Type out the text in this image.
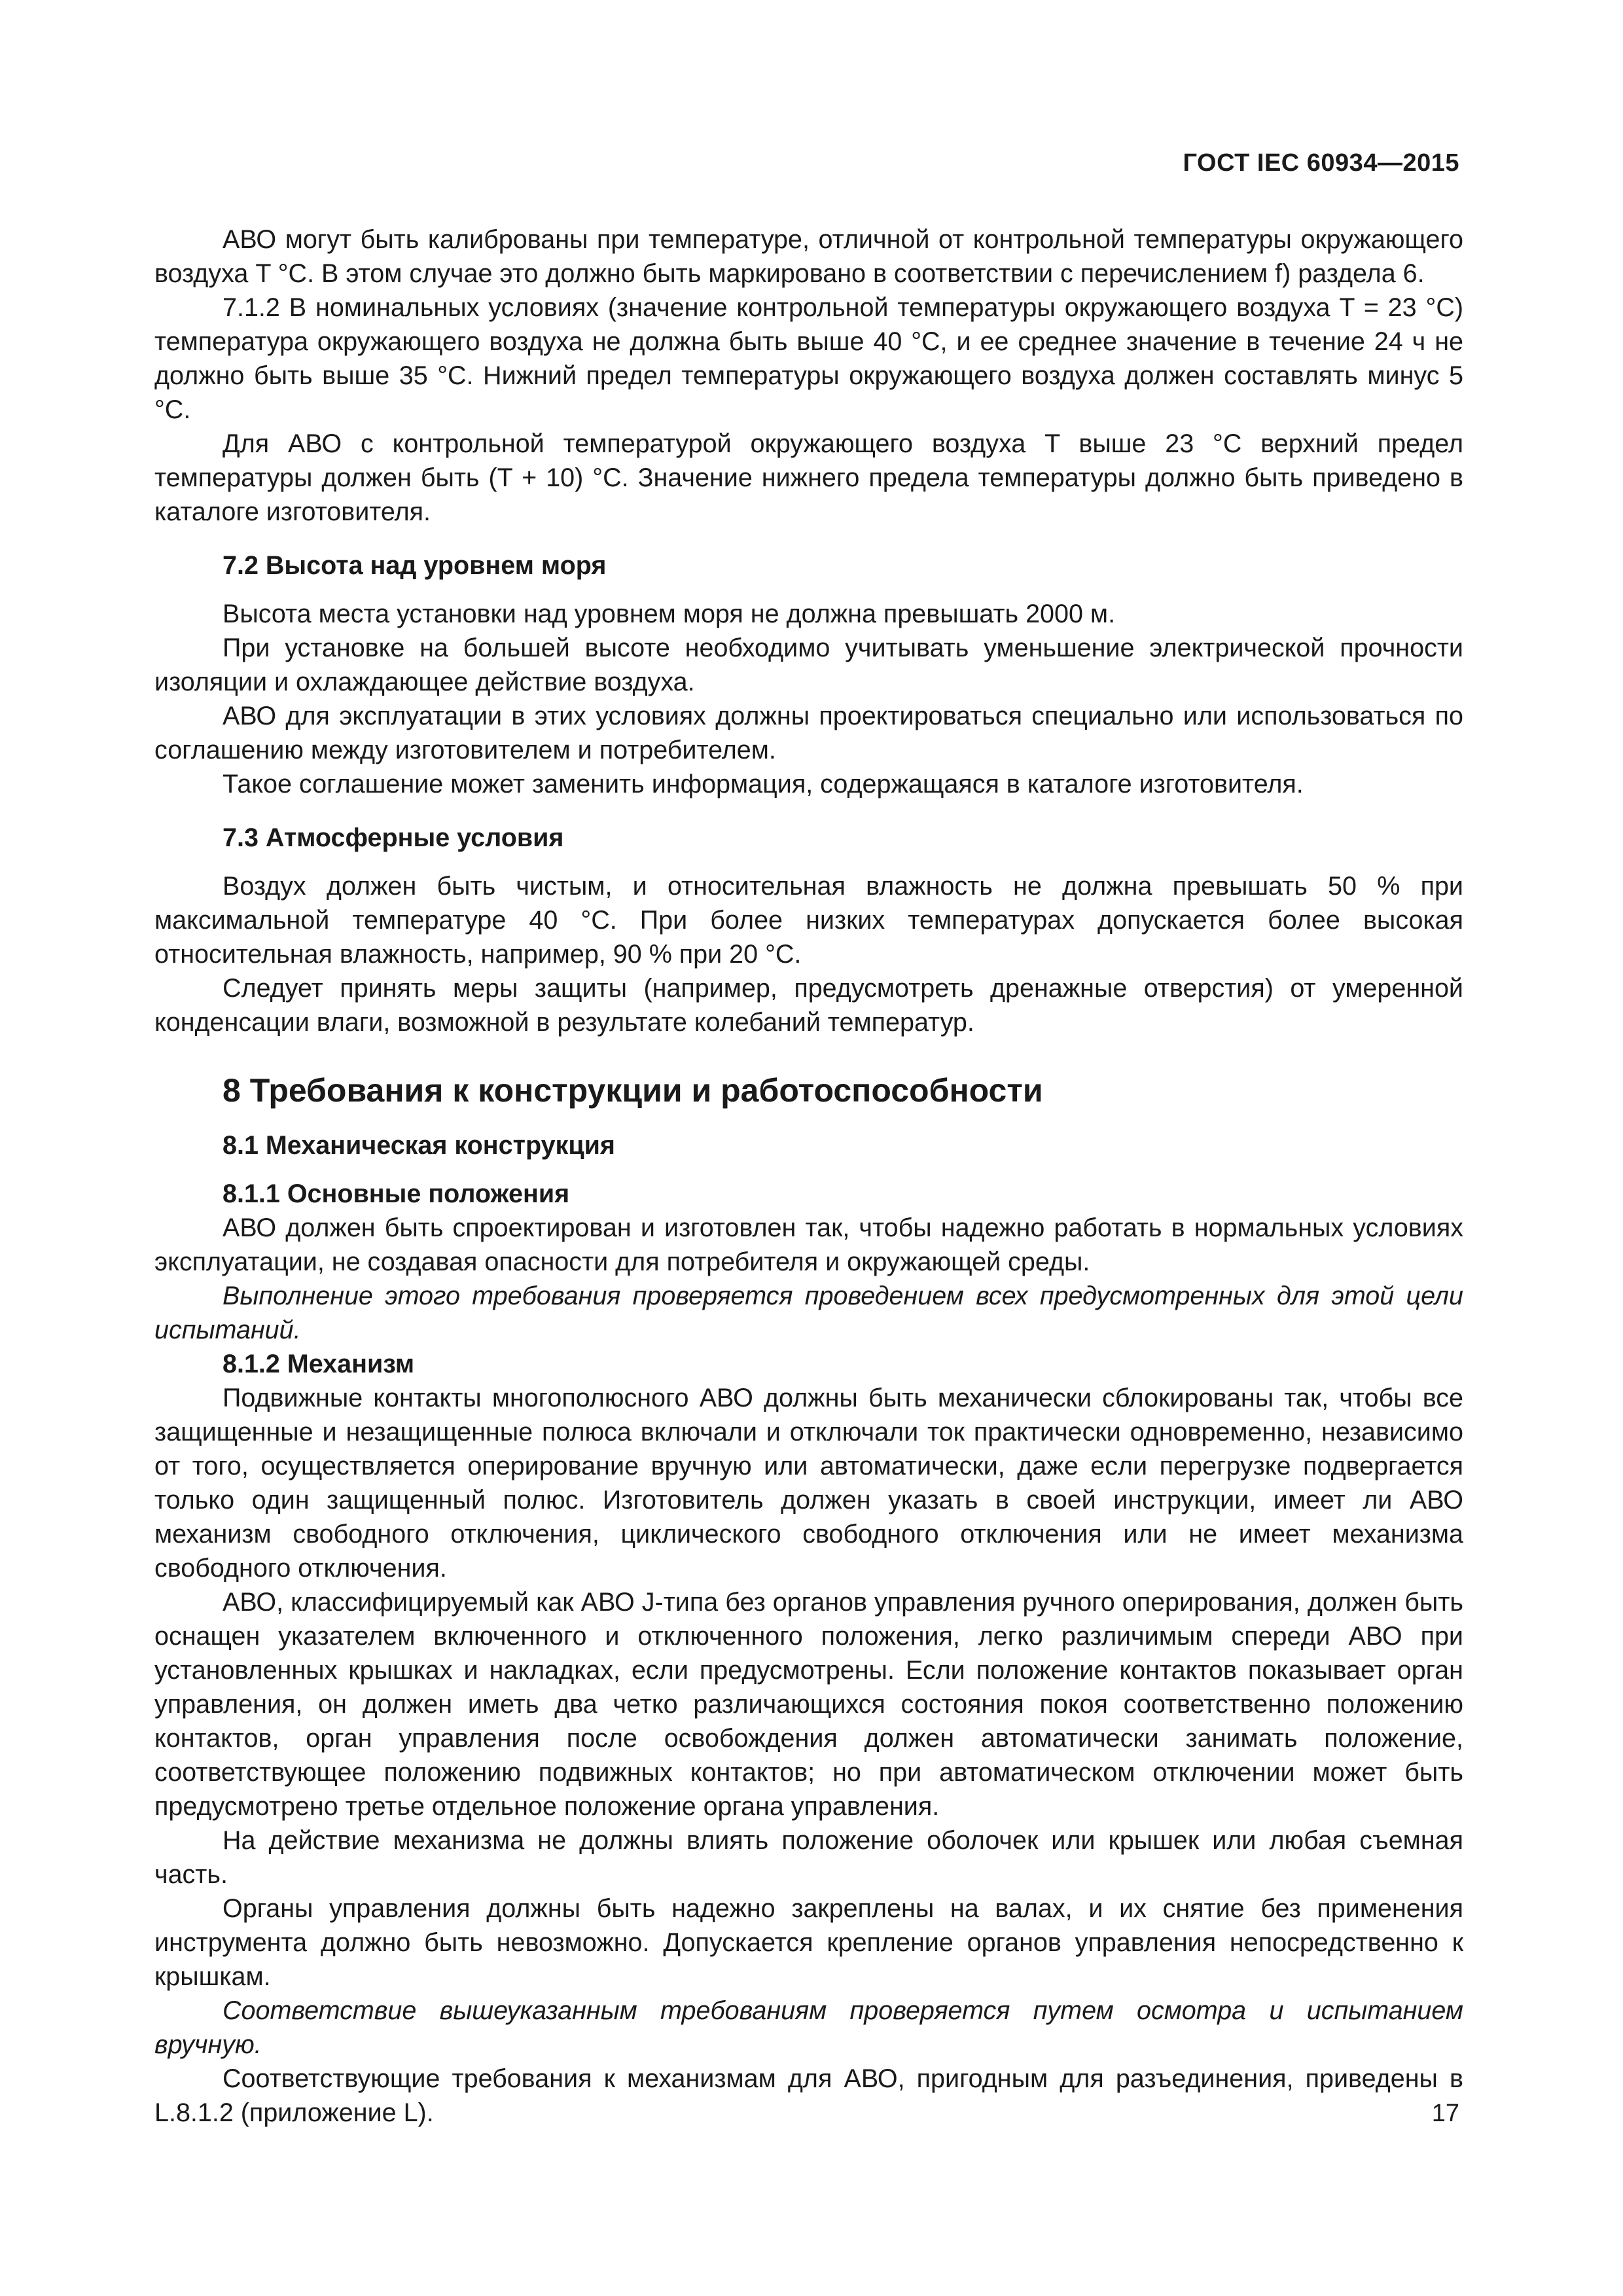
ГОСТ IEC 60934—2015

АВО могут быть калиброваны при температуре, отличной от контрольной температуры окружающего воздуха T °C. В этом случае это должно быть маркировано в соответствии с перечислением f) раздела 6.

7.1.2 В номинальных условиях (значение контрольной температуры окружающего воздуха T = 23 °C) температура окружающего воздуха не должна быть выше 40 °C, и ее среднее значение в течение 24 ч не должно быть выше 35 °C. Нижний предел температуры окружающего воздуха должен составлять минус 5 °C.

Для АВО с контрольной температурой окружающего воздуха T выше 23 °C верхний предел температуры должен быть (T + 10) °C. Значение нижнего предела температуры должно быть приведено в каталоге изготовителя.

7.2 Высота над уровнем моря

Высота места установки над уровнем моря не должна превышать 2000 м.

При установке на большей высоте необходимо учитывать уменьшение электрической прочности изоляции и охлаждающее действие воздуха.

АВО для эксплуатации в этих условиях должны проектироваться специально или использоваться по соглашению между изготовителем и потребителем.

Такое соглашение может заменить информация, содержащаяся в каталоге изготовителя.

7.3 Атмосферные условия

Воздух должен быть чистым, и относительная влажность не должна превышать 50 % при максимальной температуре 40 °C. При более низких температурах допускается более высокая относительная влажность, например, 90 % при 20 °C.

Следует принять меры защиты (например, предусмотреть дренажные отверстия) от умеренной конденсации влаги, возможной в результате колебаний температур.

8 Требования к конструкции и работоспособности
8.1 Механическая конструкция
8.1.1 Основные положения

АВО должен быть спроектирован и изготовлен так, чтобы надежно работать в нормальных условиях эксплуатации, не создавая опасности для потребителя и окружающей среды.

Выполнение этого требования проверяется проведением всех предусмотренных для этой цели испытаний.

8.1.2 Механизм

Подвижные контакты многополюсного АВО должны быть механически сблокированы так, чтобы все защищенные и незащищенные полюса включали и отключали ток практически одновременно, независимо от того, осуществляется оперирование вручную или автоматически, даже если перегрузке подвергается только один защищенный полюс. Изготовитель должен указать в своей инструкции, имеет ли АВО механизм свободного отключения, циклического свободного отключения или не имеет механизма свободного отключения.

АВО, классифицируемый как АВО J-типа без органов управления ручного оперирования, должен быть оснащен указателем включенного и отключенного положения, легко различимым спереди АВО при установленных крышках и накладках, если предусмотрены. Если положение контактов показывает орган управления, он должен иметь два четко различающихся состояния покоя соответственно положению контактов, орган управления после освобождения должен автоматически занимать положение, соответствующее положению подвижных контактов; но при автоматическом отключении может быть предусмотрено третье отдельное положение органа управления.

На действие механизма не должны влиять положение оболочек или крышек или любая съемная часть.

Органы управления должны быть надежно закреплены на валах, и их снятие без применения инструмента должно быть невозможно. Допускается крепление органов управления непосредственно к крышкам.

Соответствие вышеуказанным требованиям проверяется путем осмотра и испытанием вручную.

Соответствующие требования к механизмам для АВО, пригодным для разъединения, приведены в L.8.1.2 (приложение L).	17
